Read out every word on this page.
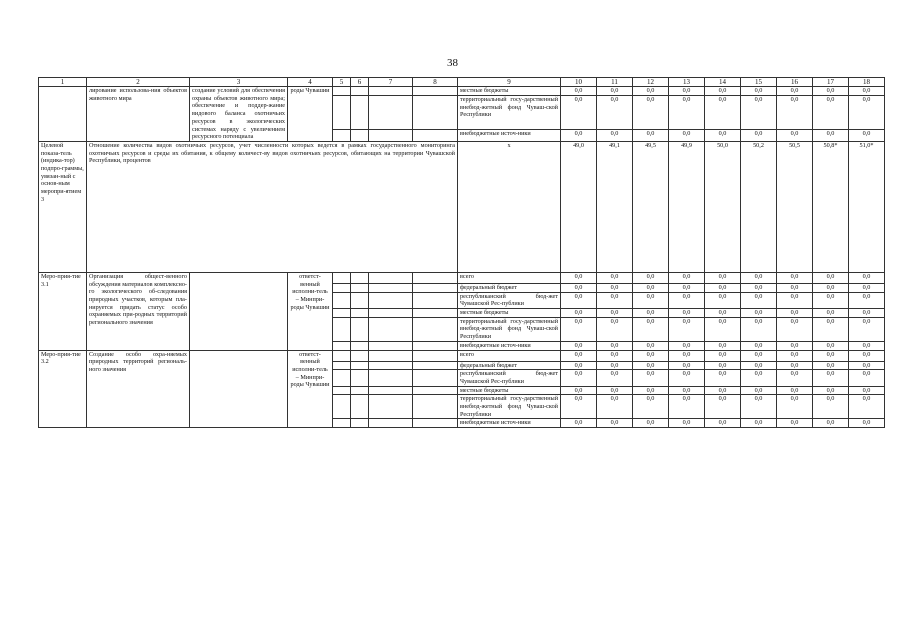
38
1	2	3	4	5	6	7	8	9	10	11	12	13	14	15	16	17	18
	лирование использова-ния объектов животного мира	создание условий для обеспечения охраны объектов животного мира; обеспечение и поддер-жание видового баланса охотничьих ресурсов в экологических системах наряду с увеличением ресурсного потенциала	роды Чувашии					местные бюджеты	0,0	0,0	0,0	0,0	0,0	0,0	0,0	0,0	0,0
								территориальный госу-дарственный внебюд-жетный фонд Чуваш-ской Республики	0,0	0,0	0,0	0,0	0,0	0,0	0,0	0,0	0,0
								внебюджетные источ-ники	0,0	0,0	0,0	0,0	0,0	0,0	0,0	0,0	0,0
Целевой показа-тель (индика-тор) подпро-граммы, увязан-ный с основ-ным меропри-ятием 3	Отношение количества видов охотничьих ресурсов, учет численности которых ведется в рамках государственного мониторинга охотничьих ресурсов и среды их обитания, к общему количест-ву видов охотничьих ресурсов, обитающих на территории Чувашской Республики, процентов							х	49,0	49,1	49,5	49,9	50,0	50,2	50,5	50,8*	51,0*
Меро-прия-тие 3.1	Организация общест-венного обсуждения материалов комплексно-го экологического об-следования природных участков, которым пла-нируется придать статус особо охраняемых при-родных территорий регионального значения		ответст-венный исполни-тель – Минпри-роды Чувашии					всего	0,0	0,0	0,0	0,0	0,0	0,0	0,0	0,0	0,0
								федеральный бюджет	0,0	0,0	0,0	0,0	0,0	0,0	0,0	0,0	0,0
								республиканский бюд-жет Чувашской Рес-публики	0,0	0,0	0,0	0,0	0,0	0,0	0,0	0,0	0,0
								местные бюджеты	0,0	0,0	0,0	0,0	0,0	0,0	0,0	0,0	0,0
								территориальный госу-дарственный внебюд-жетный фонд Чуваш-ской Республики	0,0	0,0	0,0	0,0	0,0	0,0	0,0	0,0	0,0
								внебюджетные источ-ники	0,0	0,0	0,0	0,0	0,0	0,0	0,0	0,0	0,0
Меро-прия-тие 3.2	Создание особо охра-няемых природных территорий региональ-ного значения		ответст-венный исполни-тель – Минпри-роды Чувашии					всего	0,0	0,0	0,0	0,0	0,0	0,0	0,0	0,0	0,0
								федеральный бюджет	0,0	0,0	0,0	0,0	0,0	0,0	0,0	0,0	0,0
								республиканский бюд-жет Чувашской Рес-публики	0,0	0,0	0,0	0,0	0,0	0,0	0,0	0,0	0,0
								местные бюджеты	0,0	0,0	0,0	0,0	0,0	0,0	0,0	0,0	0,0
								территориальный госу-дарственный внебюд-жетный фонд Чуваш-ской Республики	0,0	0,0	0,0	0,0	0,0	0,0	0,0	0,0	0,0
								внебюджетные источ-ники	0,0	0,0	0,0	0,0	0,0	0,0	0,0	0,0	0,0
